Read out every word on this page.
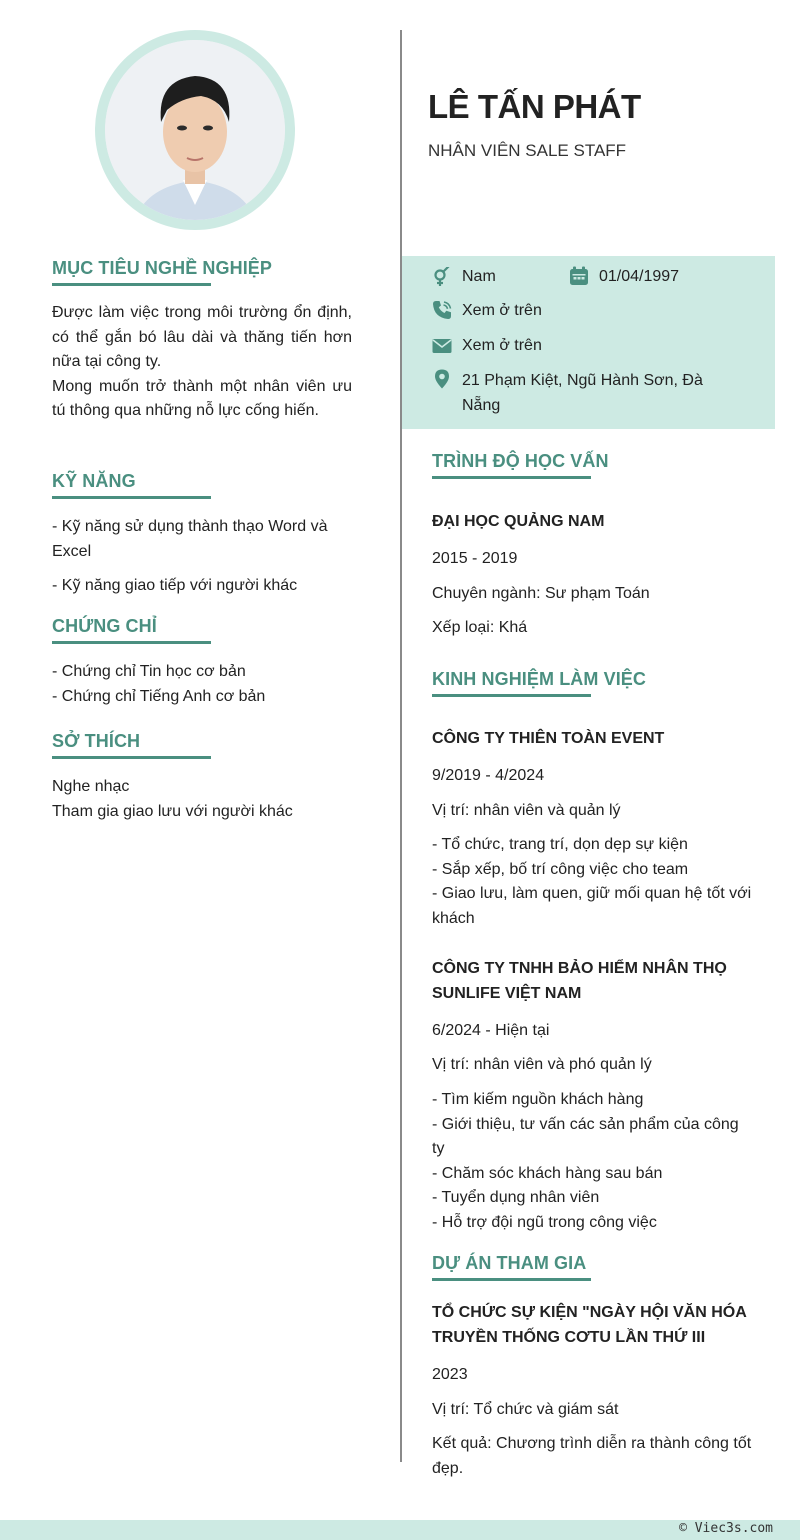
MỤC TIÊU NGHỀ NGHIỆP

Được làm việc trong môi trường ổn định, có thể gắn bó lâu dài và thăng tiến hơn nữa tại công ty.

Mong muốn trở thành một nhân viên ưu tú thông qua những nỗ lực cống hiến.

KỸ NĂNG
- Kỹ năng sử dụng thành thạo Word và Excel
- Kỹ năng giao tiếp với người khác
CHỨNG CHỈ
- Chứng chỉ Tin học cơ bản
- Chứng chỉ Tiếng Anh cơ bản
SỞ THÍCH
Nghe nhạc
Tham gia giao lưu với người khác
LÊ TẤN PHÁT
NHÂN VIÊN SALE STAFF
Nam	01/04/1997
Xem ở trên
Xem ở trên
21 Phạm Kiệt, Ngũ Hành Sơn, Đà Nẵng
TRÌNH ĐỘ HỌC VẤN
ĐẠI HỌC QUẢNG NAM
2015 - 2019
Chuyên ngành: Sư phạm Toán
Xếp loại: Khá
KINH NGHIỆM LÀM VIỆC
CÔNG TY THIÊN TOÀN EVENT
9/2019 - 4/2024
Vị trí: nhân viên và quản lý
- Tổ chức, trang trí, dọn dẹp sự kiện
- Sắp xếp, bố trí công việc cho team
- Giao lưu, làm quen, giữ mối quan hệ tốt với khách
CÔNG TY TNHH BẢO HIỂM NHÂN THỌ SUNLIFE VIỆT NAM
6/2024 - Hiện tại
Vị trí: nhân viên và phó quản lý
- Tìm kiếm nguồn khách hàng
- Giới thiệu, tư vấn các sản phẩm của công ty
- Chăm sóc khách hàng sau bán
- Tuyển dụng nhân viên
- Hỗ trợ đội ngũ trong công việc
DỰ ÁN THAM GIA
TỔ CHỨC SỰ KIỆN "NGÀY HỘI VĂN HÓA TRUYỀN THỐNG CƠTU LẦN THỨ III
2023
Vị trí: Tổ chức và giám sát
Kết quả: Chương trình diễn ra thành công tốt đẹp.
© Viec3s.com
